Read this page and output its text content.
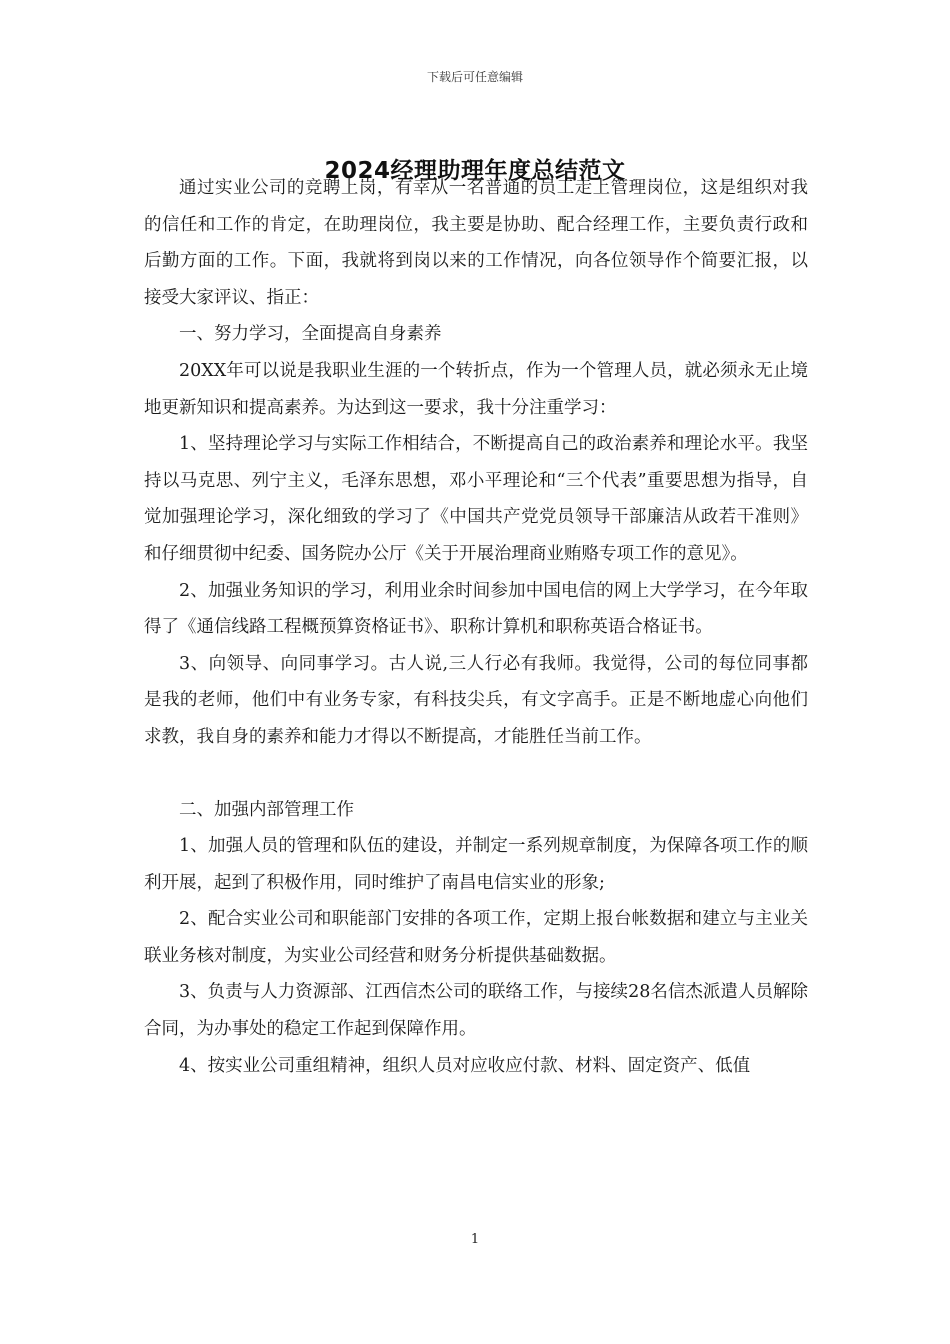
下载后可任意编辑
2024经理助理年度总结范文

通过实业公司的竞聘上岗，有幸从一名普通的员工走上管理岗位，这是组织对我的信任和工作的肯定，在助理岗位，我主要是协助、配合经理工作，主要负责行政和后勤方面的工作。下面，我就将到岗以来的工作情况，向各位领导作个简要汇报，以接受大家评议、指正：

一、努力学习，全面提高自身素养

20XX年可以说是我职业生涯的一个转折点，作为一个管理人员，就必须永无止境地更新知识和提高素养。为达到这一要求，我十分注重学习：

1、坚持理论学习与实际工作相结合，不断提高自己的政治素养和理论水平。我坚持以马克思、列宁主义，毛泽东思想，邓小平理论和“三个代表”重要思想为指导，自觉加强理论学习，深化细致的学习了《中国共产党党员领导干部廉洁从政若干准则》和仔细贯彻中纪委、国务院办公厅《关于开展治理商业贿赂专项工作的意见》。

2、加强业务知识的学习，利用业余时间参加中国电信的网上大学学习，在今年取得了《通信线路工程概预算资格证书》、职称计算机和职称英语合格证书。

3、向领导、向同事学习。古人说,三人行必有我师。我觉得，公司的每位同事都是我的老师，他们中有业务专家，有科技尖兵，有文字高手。正是不断地虚心向他们求教，我自身的素养和能力才得以不断提高，才能胜任当前工作。

二、加强内部管理工作

1、加强人员的管理和队伍的建设，并制定一系列规章制度，为保障各项工作的顺利开展，起到了积极作用，同时维护了南昌电信实业的形象;

2、配合实业公司和职能部门安排的各项工作，定期上报台帐数据和建立与主业关联业务核对制度，为实业公司经营和财务分析提供基础数据。

3、负责与人力资源部、江西信杰公司的联络工作，与接续28名信杰派遣人员解除合同，为办事处的稳定工作起到保障作用。

4、按实业公司重组精神，组织人员对应收应付款、材料、固定资产、低值

1
